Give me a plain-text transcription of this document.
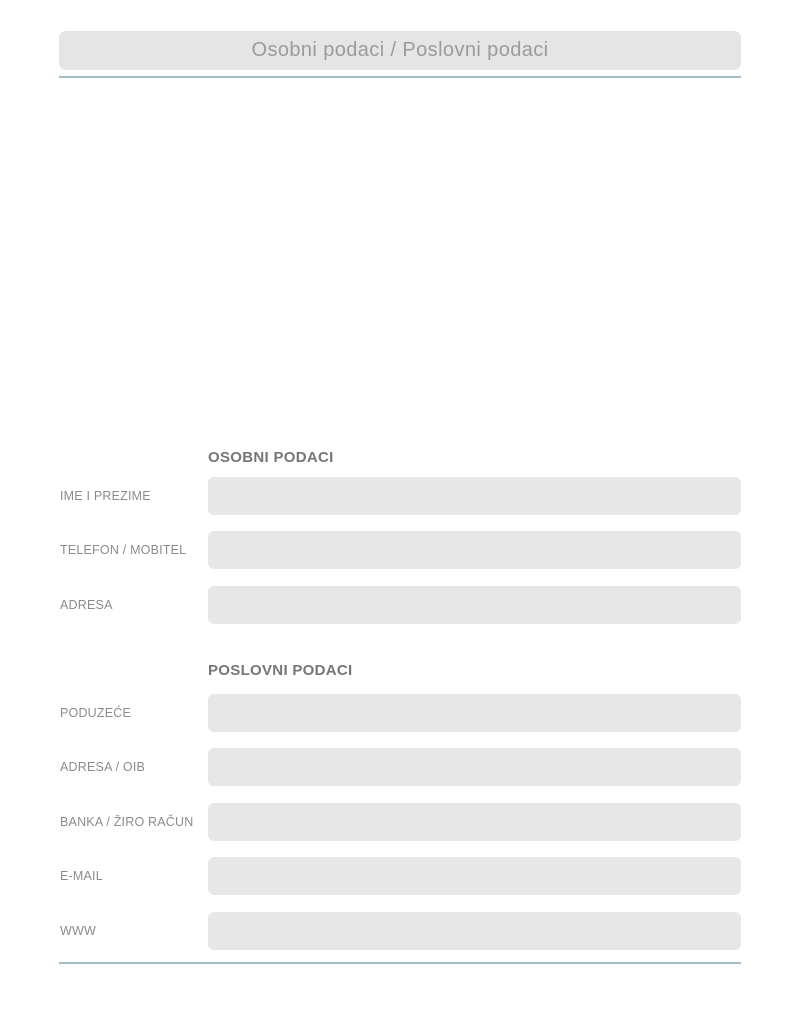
Osobni podaci / Poslovni podaci
OSOBNI PODACI
IME I PREZIME
TELEFON / MOBITEL
ADRESA
POSLOVNI PODACI
PODUZEĆE
ADRESA / OIB
BANKA / ŽIRO RAČUN
E-MAIL
WWW
